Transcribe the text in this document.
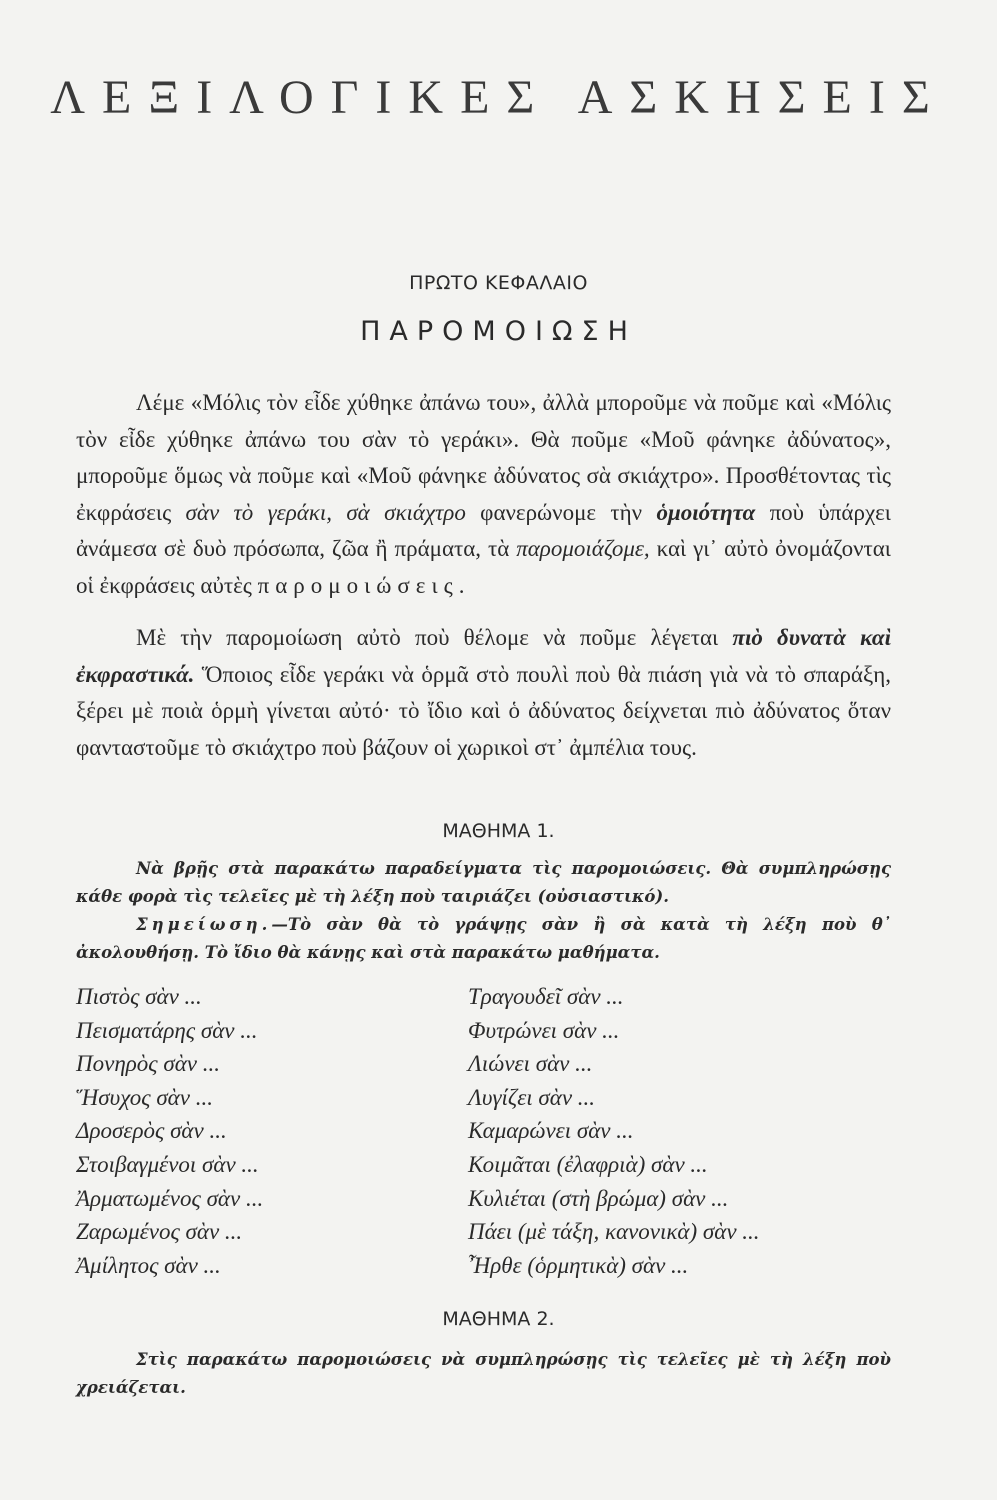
ΛΕΞΙΛΟΓΙΚΕΣ ΑΣΚΗΣΕΙΣ
ΠΡΩΤΟ ΚΕΦΑΛΑΙΟ
ΠΑΡΟΜΟΙΩΣΗ

Λέμε «Μόλις τὸν εἶδε χύθηκε ἀπάνω του», ἀλλὰ μποροῦμε νὰ ποῦμε καὶ «Μόλις τὸν εἶδε χύθηκε ἀπάνω του σὰν τὸ γεράκι». Θὰ ποῦμε «Μοῦ φάνηκε ἀδύνατος», μποροῦμε ὅμως νὰ ποῦμε καὶ «Μοῦ φάνηκε ἀδύνατος σὰ σκιάχτρο». Προσθέτοντας τὶς ἐκφράσεις σὰν τὸ γεράκι, σὰ σκιάχτρο φανερώνομε τὴν ὁμοιότητα ποὺ ὑπάρχει ἀνάμεσα σὲ δυὸ πρόσωπα, ζῶα ἢ πράματα, τὰ παρομοιάζομε, καὶ γι᾽ αὐτὸ ὀνομάζονται οἱ ἐκφράσεις αὐτὲς παρομοιώσεις.

Μὲ τὴν παρομοίωση αὐτὸ ποὺ θέλομε νὰ ποῦμε λέγεται πιὸ δυνατὰ καὶ ἐκφραστικά. Ὅποιος εἶδε γεράκι νὰ ὁρμᾶ στὸ πουλὶ ποὺ θὰ πιάση γιὰ νὰ τὸ σπαράξη, ξέρει μὲ ποιὰ ὁρμὴ γίνεται αὐτό· τὸ ἴδιο καὶ ὁ ἀδύνατος δείχνεται πιὸ ἀδύνατος ὅταν φανταστοῦμε τὸ σκιάχτρο ποὺ βάζουν οἱ χωρικοὶ στ᾽ ἀμπέλια τους.

ΜΑΘΗΜΑ 1.

Νὰ βρῇς στὰ παρακάτω παραδείγματα τὶς παρομοιώσεις. Θὰ συμπληρώσῃς κάθε φορὰ τὶς τελεῖες μὲ τὴ λέξη ποὺ ταιριάζει (οὐσιαστικό).

Σημείωση.—Τὸ σὰν θὰ τὸ γράψῃς σὰν ἢ σὰ κατὰ τὴ λέξη ποὺ θ᾽ ἀκολουθήσῃ. Τὸ ἴδιο θὰ κάνῃς καὶ στὰ παρακάτω μαθήματα.

Πιστὸς σὰν ...
Πεισματάρης σὰν ...
Πονηρὸς σὰν ...
Ἥσυχος σὰν ...
Δροσερὸς σὰν ...
Στοιβαγμένοι σὰν ...
Ἀρματωμένος σὰν ...
Ζαρωμένος σὰν ...
Ἀμίλητος σὰν ...
Τραγουδεῖ σὰν ...
Φυτρώνει σὰν ...
Λιώνει σὰν ...
Λυγίζει σὰν ...
Καμαρώνει σὰν ...
Κοιμᾶται (ἐλαφριὰ) σὰν ...
Κυλιέται (στὴ βρώμα) σὰν ...
Πάει (μὲ τάξη, κανονικὰ) σὰν ...
Ἦρθε (ὁρμητικὰ) σὰν ...
ΜΑΘΗΜΑ 2.

Στὶς παρακάτω παρομοιώσεις νὰ συμπληρώσῃς τὶς τελεῖες μὲ τὴ λέξη ποὺ χρειάζεται.
